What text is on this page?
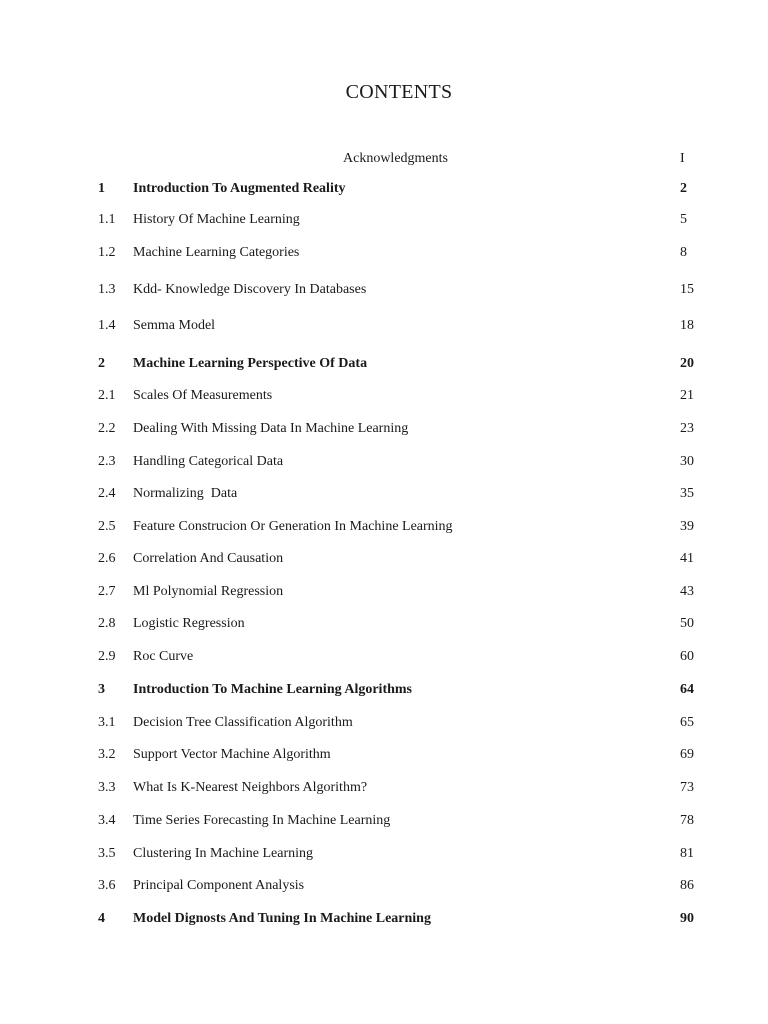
CONTENTS
Acknowledgments	I
1 Introduction To Augmented Reality	2
1.1 History Of Machine Learning	5
1.2 Machine Learning Categories	8
1.3 Kdd- Knowledge Discovery In Databases	15
1.4 Semma Model	18
2 Machine Learning Perspective Of Data	20
2.1 Scales Of Measurements	21
2.2 Dealing With Missing Data In Machine Learning	23
2.3 Handling Categorical Data	30
2.4 Normalizing  Data	35
2.5 Feature Construcion Or Generation In Machine Learning	39
2.6 Correlation And Causation	41
2.7 Ml Polynomial Regression	43
2.8 Logistic Regression	50
2.9 Roc Curve	60
3 Introduction To Machine Learning Algorithms	64
3.1 Decision Tree Classification Algorithm	65
3.2 Support Vector Machine Algorithm	69
3.3 What Is K-Nearest Neighbors Algorithm?	73
3.4 Time Series Forecasting In Machine Learning	78
3.5 Clustering In Machine Learning	81
3.6 Principal Component Analysis	86
4 Model Dignosts And Tuning In Machine Learning	90
